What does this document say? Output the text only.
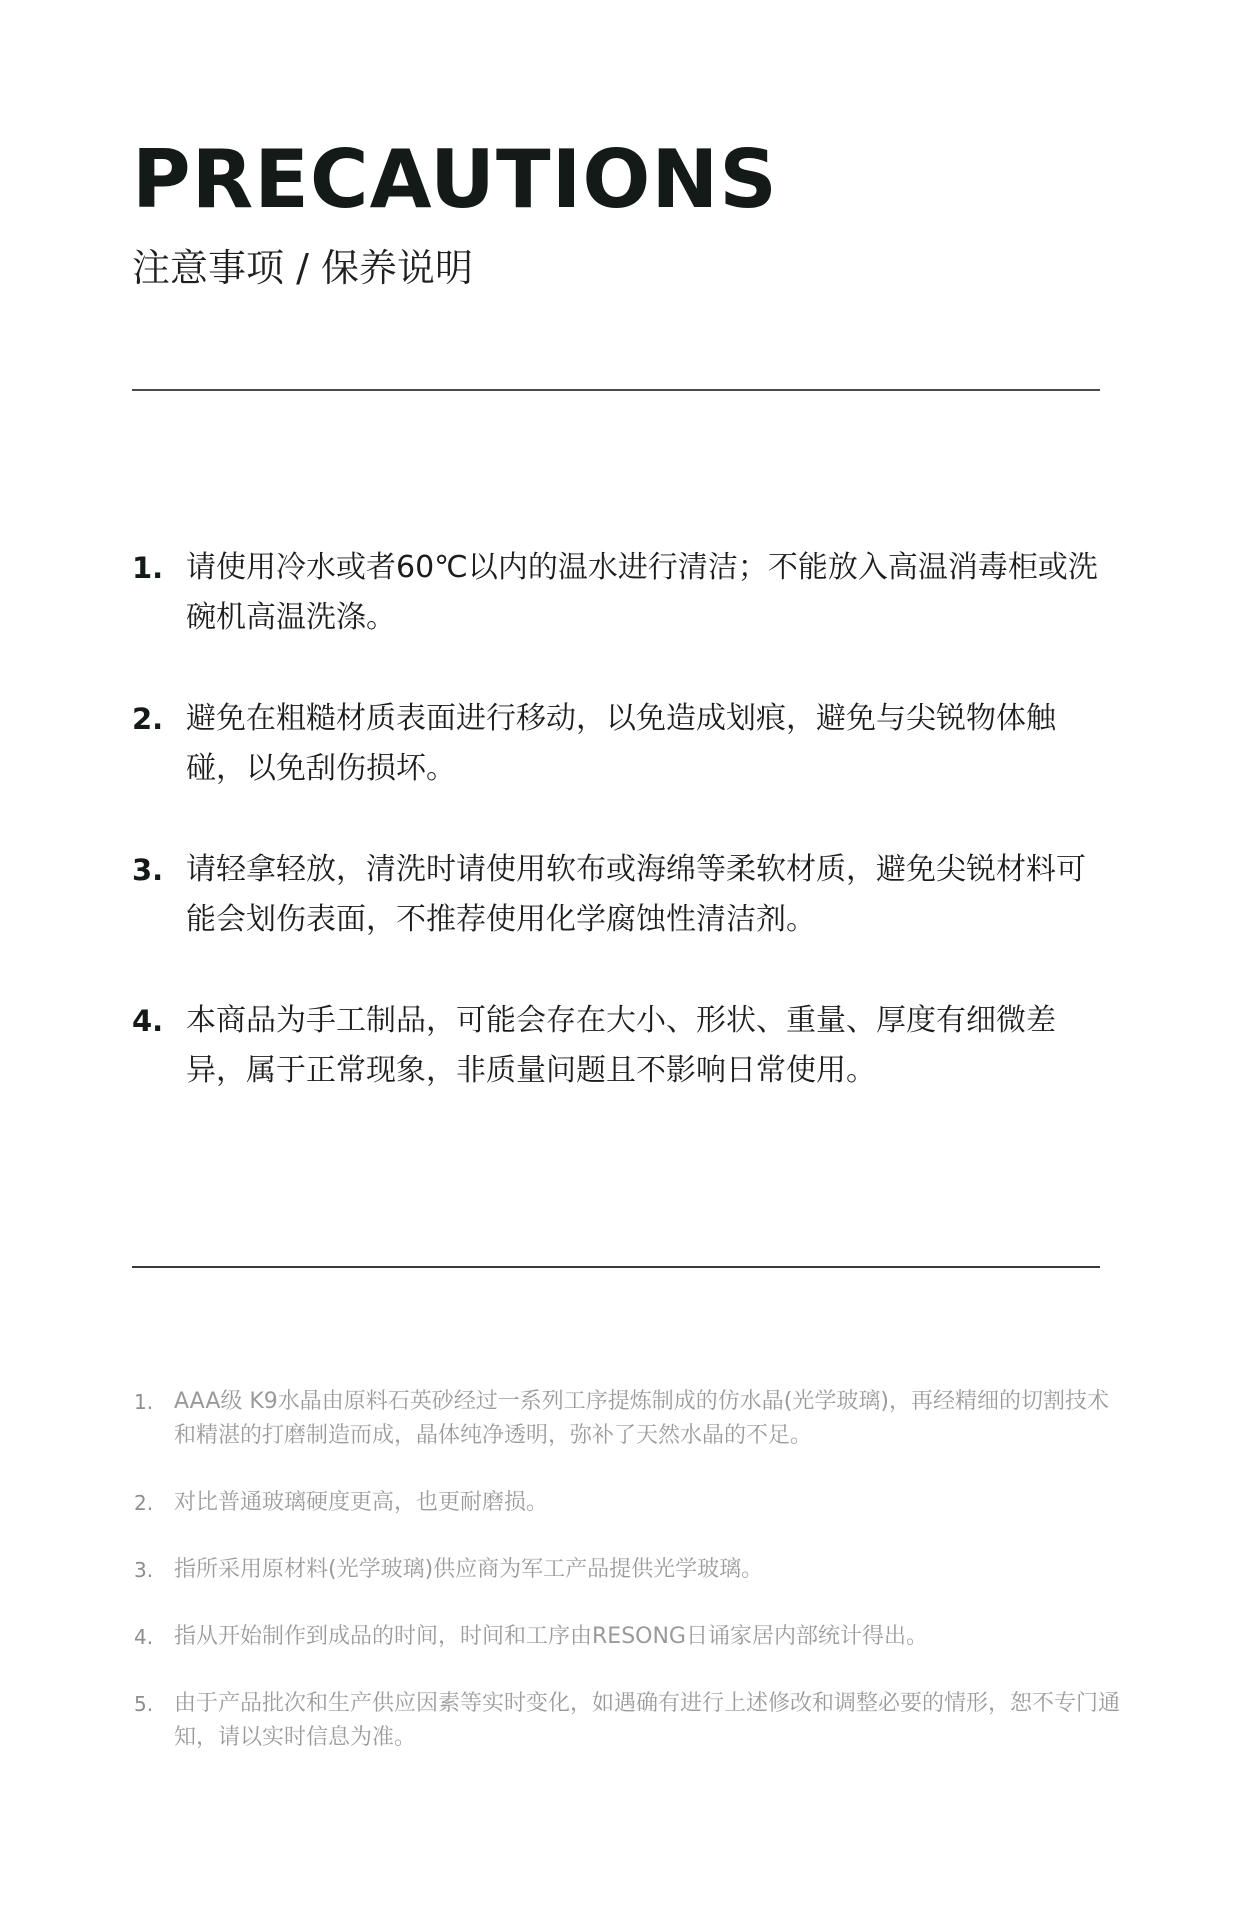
PRECAUTIONS
注意事项 / 保养说明
1. 请使用冷水或者60℃以内的温水进行清洁；不能放入高温消毒柜或洗碗机高温洗涤。
2. 避免在粗糙材质表面进行移动，以免造成划痕，避免与尖锐物体触碰，以免刮伤损坏。
3. 请轻拿轻放，清洗时请使用软布或海绵等柔软材质，避免尖锐材料可能会划伤表面，不推荐使用化学腐蚀性清洁剂。
4. 本商品为手工制品，可能会存在大小、形状、重量、厚度有细微差异，属于正常现象，非质量问题且不影响日常使用。
1. AAA级 K9水晶由原料石英砂经过一系列工序提炼制成的仿水晶(光学玻璃)，再经精细的切割技术和精湛的打磨制造而成，晶体纯净透明，弥补了天然水晶的不足。
2. 对比普通玻璃硬度更高，也更耐磨损。
3. 指所采用原材料(光学玻璃)供应商为军工产品提供光学玻璃。
4. 指从开始制作到成品的时间，时间和工序由RESONG日诵家居内部统计得出。
5. 由于产品批次和生产供应因素等实时变化，如遇确有进行上述修改和调整必要的情形，恕不专门通知，请以实时信息为准。
